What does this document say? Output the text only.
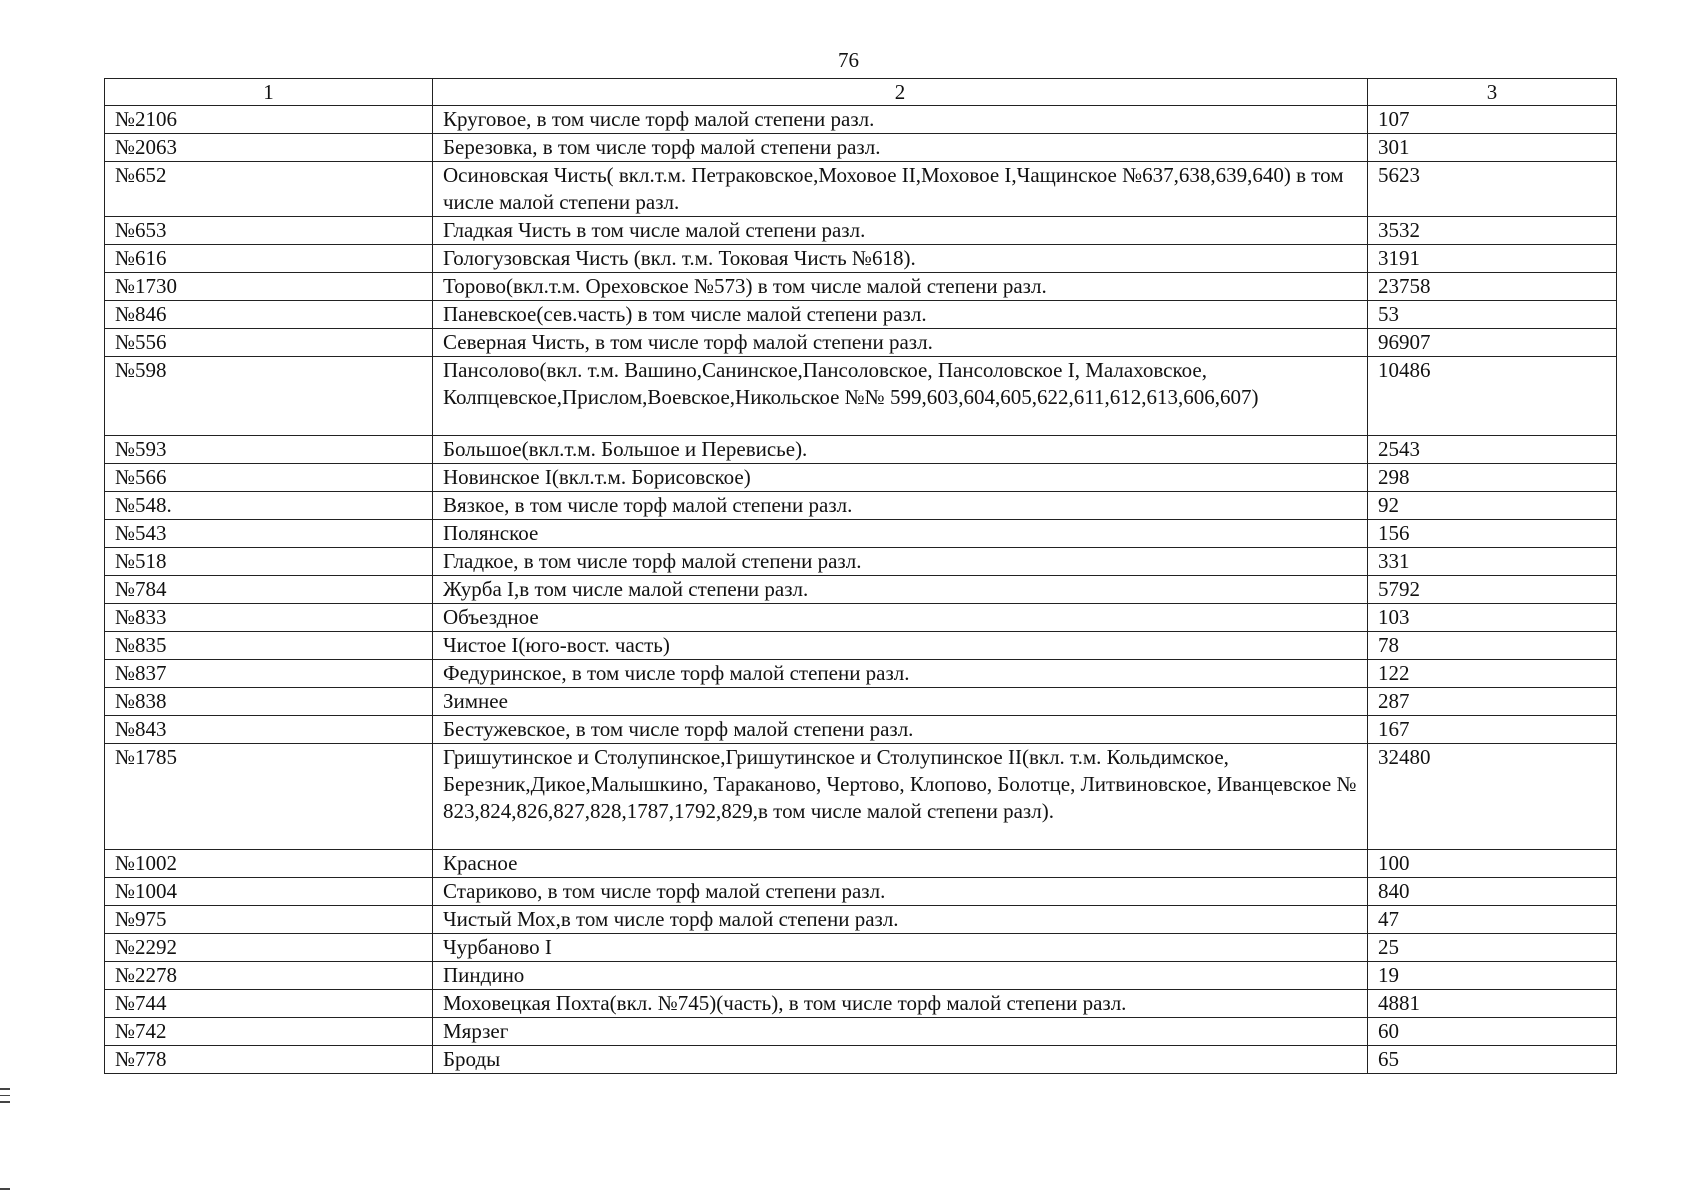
76
1	2	3
№2106	Круговое, в том числе торф малой степени разл.	107
№2063	Березовка, в том числе торф малой степени разл.	301
№652	Осиновская Чисть( вкл.т.м. Петраковское,Моховое II,Моховое I,Чащинское №637,638,639,640) в том числе малой степени разл.	5623
№653	Гладкая Чисть в том числе малой степени разл.	3532
№616	Гологузовская Чисть (вкл. т.м. Токовая Чисть №618).	3191
№1730	Торово(вкл.т.м. Ореховское №573) в том числе малой степени разл.	23758
№846	Паневское(сев.часть) в том числе малой степени разл.	53
№556	Северная Чисть, в том числе торф малой степени разл.	96907
№598	Пансолово(вкл. т.м. Вашино,Санинское,Пансоловское, Пансоловское I, Малаховское, Колпцевское,Прислом,Воевское,Никольское №№ 599,603,604,605,622,611,612,613,606,607)	10486
№593	Большое(вкл.т.м. Большое и Перевисье).	2543
№566	Новинское I(вкл.т.м. Борисовское)	298
№548.	Вязкое, в том числе торф малой степени разл.	92
№543	Полянское	156
№518	Гладкое, в том числе торф малой степени разл.	331
№784	Журба I,в том числе малой степени разл.	5792
№833	Объездное	103
№835	Чистое I(юго-вост. часть)	78
№837	Федуринское, в том числе торф малой степени разл.	122
№838	Зимнее	287
№843	Бестужевское, в том числе торф малой степени разл.	167
№1785	Гришутинское и Столупинское,Гришутинское и Столупинское II(вкл. т.м. Кольдимское, Березник,Дикое,Малышкино, Тараканово, Чертово, Клопово, Болотце, Литвиновское, Иванцевское № 823,824,826,827,828,1787,1792,829,в том числе малой степени разл).	32480
№1002	Красное	100
№1004	Стариково, в том числе торф малой степени разл.	840
№975	Чистый Мох,в том числе торф малой степени разл.	47
№2292	Чурбаново I	25
№2278	Пиндино	19
№744	Моховецкая Похта(вкл. №745)(часть), в том числе торф малой степени разл.	4881
№742	Мярзег	60
№778	Броды	65
